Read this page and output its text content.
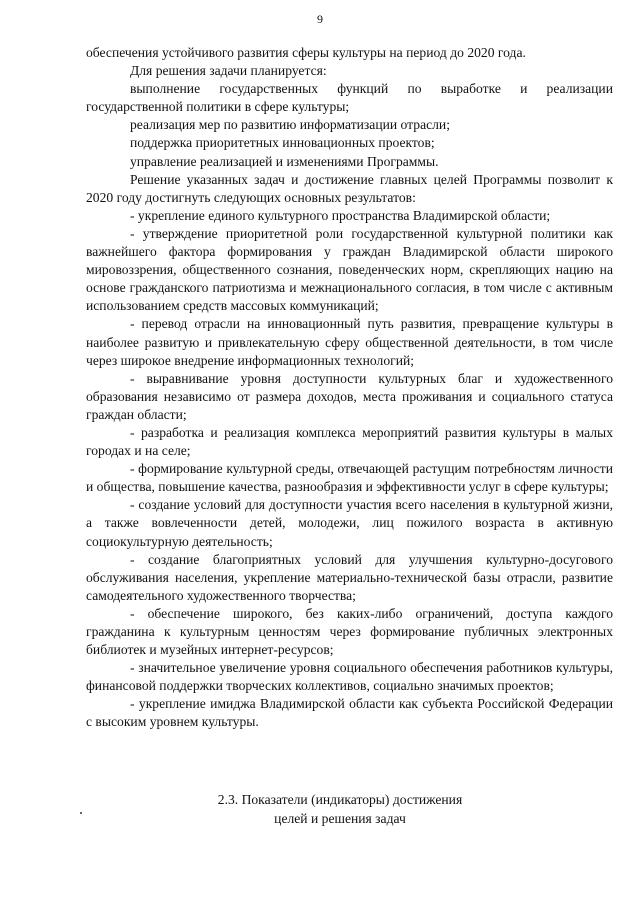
9

обеспечения устойчивого развития сферы культуры на период до 2020 года.

Для решения задачи планируется:

выполнение государственных функций по выработке и реализации государственной политики в сфере культуры;

реализация мер по развитию информатизации отрасли;

поддержка приоритетных инновационных проектов;

управление реализацией и изменениями Программы.

Решение указанных задач и достижение главных целей Программы позволит к 2020 году достигнуть следующих основных результатов:

- укрепление единого культурного пространства Владимирской области;

- утверждение приоритетной роли государственной культурной политики как важнейшего фактора формирования у граждан Владимирской области широкого мировоззрения, общественного сознания, поведенческих норм, скрепляющих нацию на основе гражданского патриотизма и межнационального согласия, в том числе с активным использованием средств массовых коммуникаций;

- перевод отрасли на инновационный путь развития, превращение культуры в наиболее развитую и привлекательную сферу общественной деятельности, в том числе через широкое внедрение информационных технологий;

- выравнивание уровня доступности культурных благ и художественного образования независимо от размера доходов, места проживания и социального статуса граждан области;

- разработка и реализация комплекса мероприятий развития культуры в малых городах и на селе;

- формирование культурной среды, отвечающей растущим потребностям личности и общества, повышение качества, разнообразия и эффективности услуг в сфере культуры;

- создание условий для доступности участия всего населения в культурной жизни, а также вовлеченности детей, молодежи, лиц пожилого возраста в активную социокультурную деятельность;

- создание благоприятных условий для улучшения культурно-досугового обслуживания населения, укрепление материально-технической базы отрасли, развитие самодеятельного художественного творчества;

- обеспечение широкого, без каких-либо ограничений, доступа каждого гражданина к культурным ценностям через формирование публичных электронных библиотек и музейных интернет-ресурсов;

- значительное увеличение уровня социального обеспечения работников культуры, финансовой поддержки творческих коллективов, социально значимых проектов;

- укрепление имиджа Владимирской области как субъекта Российской Федерации с высоким уровнем культуры.

2.3. Показатели (индикаторы) достижения
целей и решения задач
